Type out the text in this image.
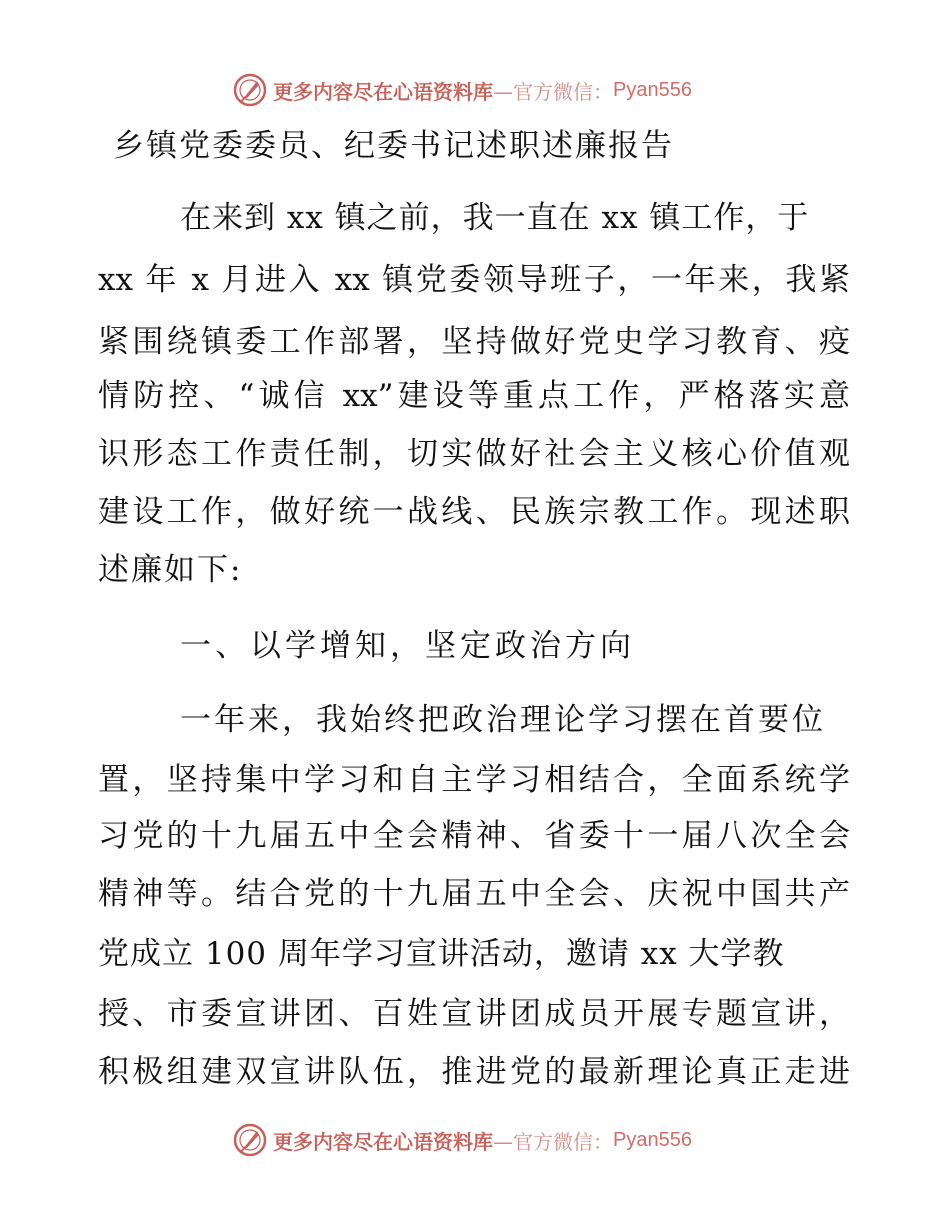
更多内容尽在心语资料库 —官方微信： Pyan556
乡镇党委委员、纪委书记述职述廉报告
在来到 xx 镇之前，我一直在 xx 镇工作，于
xx 年 x 月进入 xx 镇党委领导班子，一年来，我紧
紧围绕镇委工作部署，坚持做好党史学习教育、疫
情防控、“诚信 xx”建设等重点工作，严格落实意
识形态工作责任制，切实做好社会主义核心价值观
建设工作，做好统一战线、民族宗教工作。现述职
述廉如下:
一、以学增知，坚定政治方向
一年来，我始终把政治理论学习摆在首要位
置，坚持集中学习和自主学习相结合，全面系统学
习党的十九届五中全会精神、省委十一届八次全会
精神等。结合党的十九届五中全会、庆祝中国共产
党成立 100 周年学习宣讲活动，邀请 xx 大学教
授、市委宣讲团、百姓宣讲团成员开展专题宣讲，
积极组建双宣讲队伍，推进党的最新理论真正走进
更多内容尽在心语资料库 —官方微信： Pyan556
